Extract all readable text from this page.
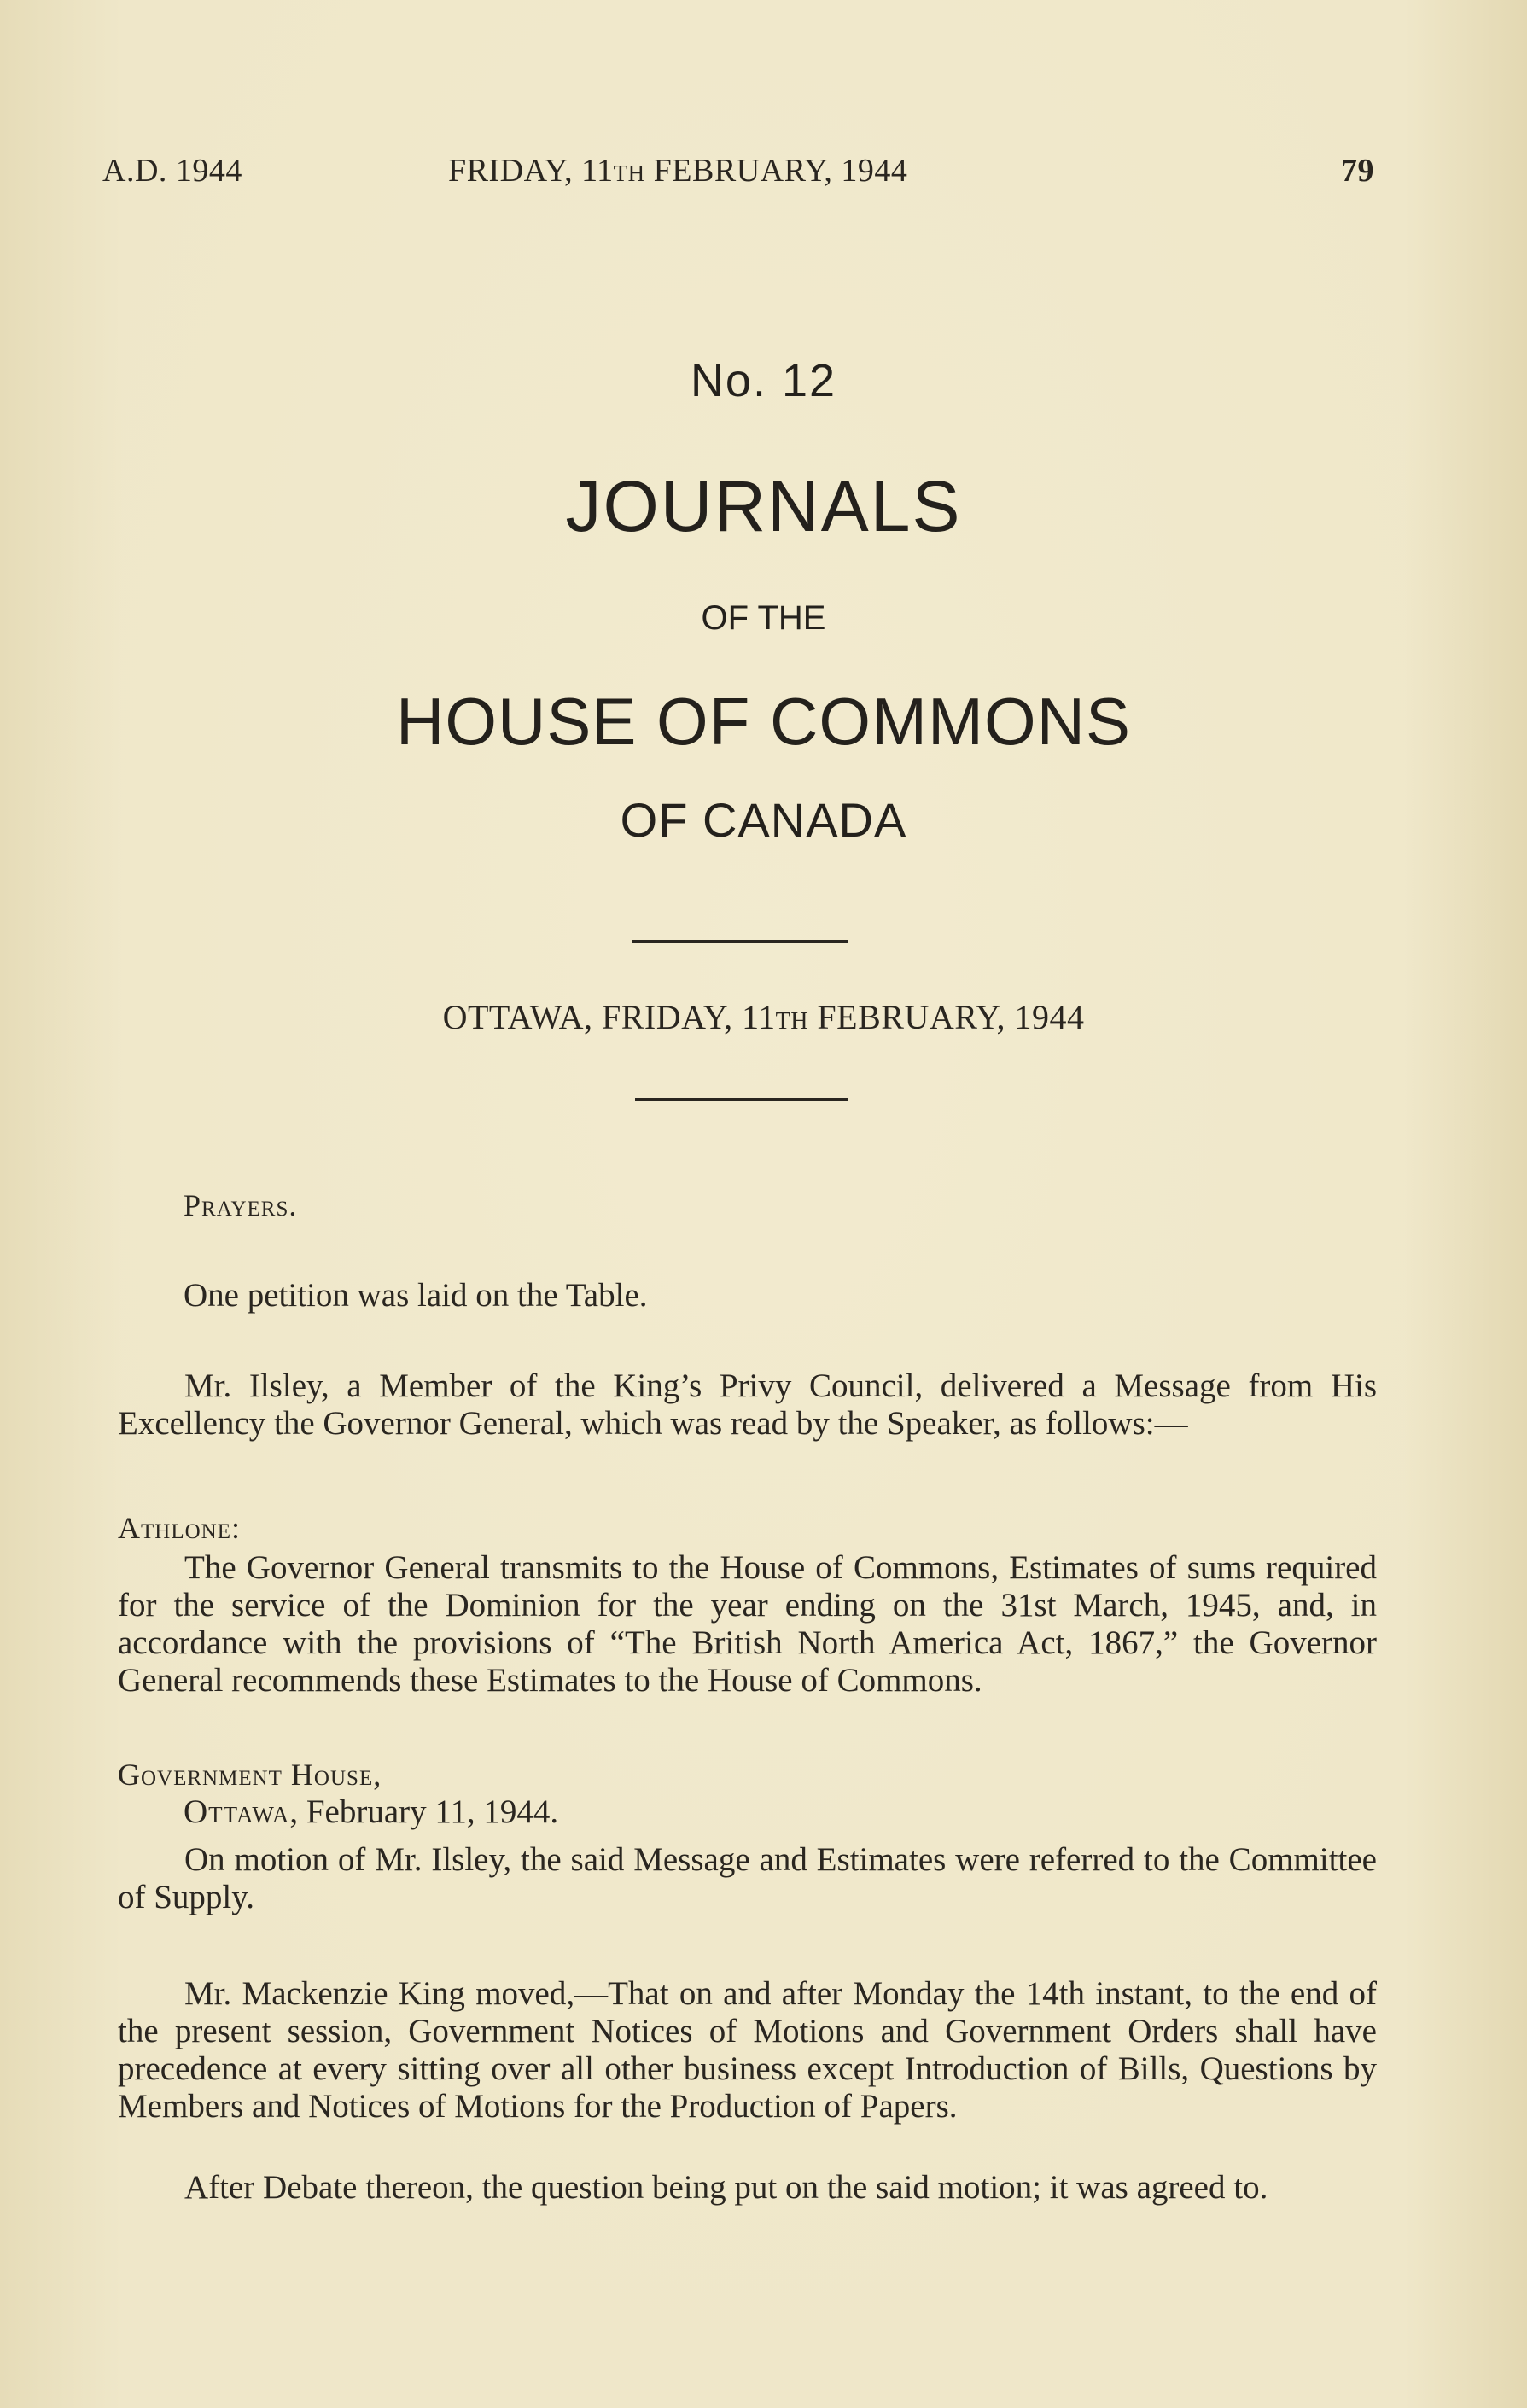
A.D. 1944	FRIDAY, 11th FEBRUARY, 1944	79
No. 12
JOURNALS
OF THE
HOUSE OF COMMONS
OF CANADA
OTTAWA, FRIDAY, 11th FEBRUARY, 1944
Prayers.
One petition was laid on the Table.
Mr. Ilsley, a Member of the King’s Privy Council, delivered a Message from His Excellency the Governor General, which was read by the Speaker, as follows:—
Athlone:
The Governor General transmits to the House of Commons, Estimates of sums required for the service of the Dominion for the year ending on the 31st March, 1945, and, in accordance with the provisions of “The British North America Act, 1867,” the Governor General recommends these Estimates to the House of Commons.
Government House,
Ottawa, February 11, 1944.
On motion of Mr. Ilsley, the said Message and Estimates were referred to the Committee of Supply.
Mr. Mackenzie King moved,—That on and after Monday the 14th instant, to the end of the present session, Government Notices of Motions and Government Orders shall have precedence at every sitting over all other business except Introduction of Bills, Questions by Members and Notices of Motions for the Production of Papers.
After Debate thereon, the question being put on the said motion; it was agreed to.
